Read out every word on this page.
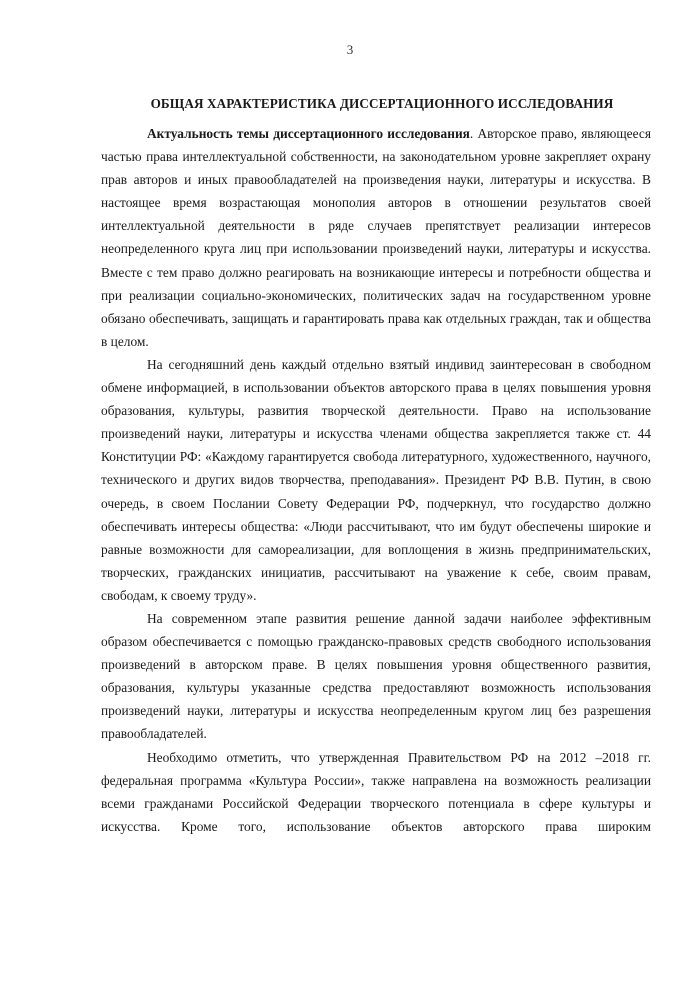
3
ОБЩАЯ ХАРАКТЕРИСТИКА ДИССЕРТАЦИОННОГО ИССЛЕДОВАНИЯ

Актуальность темы диссертационного исследования. Авторское право, являющееся частью права интеллектуальной собственности, на законодательном уровне закрепляет охрану прав авторов и иных правообладателей на произведения науки, литературы и искусства. В настоящее время возрастающая монополия авторов в отношении результатов своей интеллектуальной деятельности в ряде случаев препятствует реализации интересов неопределенного круга лиц при использовании произведений науки, литературы и искусства. Вместе с тем право должно реагировать на возникающие интересы и потребности общества и при реализации социально-экономических, политических задач на государственном уровне обязано обеспечивать, защищать и гарантировать права как отдельных граждан, так и общества в целом.

На сегодняшний день каждый отдельно взятый индивид заинтересован в свободном обмене информацией, в использовании объектов авторского права в целях повышения уровня образования, культуры, развития творческой деятельности. Право на использование произведений науки, литературы и искусства членами общества закрепляется также ст. 44 Конституции РФ: «Каждому гарантируется свобода литературного, художественного, научного, технического и других видов творчества, преподавания». Президент РФ В.В. Путин, в свою очередь, в своем Послании Совету Федерации РФ, подчеркнул, что государство должно обеспечивать интересы общества: «Люди рассчитывают, что им будут обеспечены широкие и равные возможности для самореализации, для воплощения в жизнь предпринимательских, творческих, гражданских инициатив, рассчитывают на уважение к себе, своим правам, свободам, к своему труду».

На современном этапе развития решение данной задачи наиболее эффективным образом обеспечивается с помощью гражданско-правовых средств свободного использования произведений в авторском праве. В целях повышения уровня общественного развития, образования, культуры указанные средства предоставляют возможность использования произведений науки, литературы и искусства неопределенным кругом лиц без разрешения правообладателей.

Необходимо отметить, что утвержденная Правительством РФ на 2012 –2018 гг. федеральная программа «Культура России», также направлена на возможность реализации всеми гражданами Российской Федерации творческого потенциала в сфере культуры и искусства. Кроме того, использование объектов авторского права широким
